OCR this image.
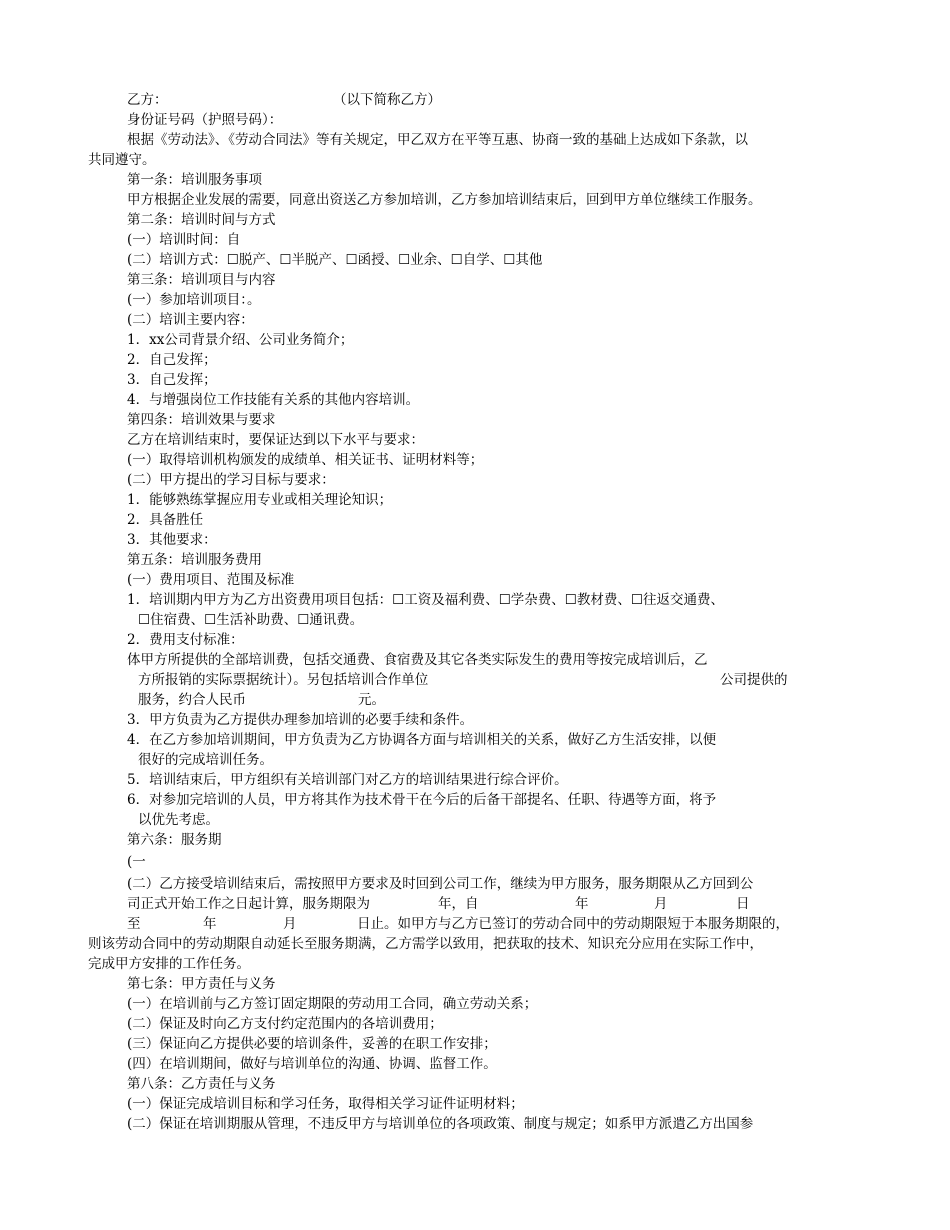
乙方：	（以下简称乙方）
身份证号码（护照号码）：
根据《劳动法》、《劳动合同法》等有关规定，甲乙双方在平等互惠、协商一致的基础上达成如下条款，以
共同遵守。
第一条：培训服务事项
甲方根据企业发展的需要，同意出资送乙方参加培训，乙方参加培训结束后，回到甲方单位继续工作服务。
第二条：培训时间与方式
(一）培训时间：自
(二）培训方式：☐脱产、☐半脱产、☐函授、☐业余、☐自学、☐其他
第三条：培训项目与内容
(一）参加培训项目：。
(二）培训主要内容：
1．xx公司背景介绍、公司业务简介；
2．自己发挥；
3．自己发挥；
4．与增强岗位工作技能有关系的其他内容培训。
第四条：培训效果与要求
乙方在培训结束时，要保证达到以下水平与要求：
(一）取得培训机构颁发的成绩单、相关证书、证明材料等；
(二）甲方提出的学习目标与要求：
1．能够熟练掌握应用专业或相关理论知识；
2．具备胜任
3．其他要求：
第五条：培训服务费用
(一）费用项目、范围及标准
1．培训期内甲方为乙方出资费用项目包括：☐工资及福利费、☐学杂费、☐教材费、☐往返交通费、
☐住宿费、☐生活补助费、☐通讯费。
2．费用支付标准：
体甲方所提供的全部培训费，包括交通费、食宿费及其它各类实际发生的费用等按完成培训后，乙
方所报销的实际票据统计）。另包括培训合作单位	公司提供的
服务，约合人民币	元。
3．甲方负责为乙方提供办理参加培训的必要手续和条件。
4．在乙方参加培训期间，甲方负责为乙方协调各方面与培训相关的关系，做好乙方生活安排，以便
很好的完成培训任务。
5．培训结束后，甲方组织有关培训部门对乙方的培训结果进行综合评价。
6．对参加完培训的人员，甲方将其作为技术骨干在今后的后备干部提名、任职、待遇等方面，将予
以优先考虑。
第六条：服务期
(一
(二）乙方接受培训结束后，需按照甲方要求及时回到公司工作，继续为甲方服务，服务期限从乙方回到公
司正式开始工作之日起计算，服务期限为	年，自	年	月	日
至	年	月	日止。如甲方与乙方已签订的劳动合同中的劳动期限短于本服务期限的，
则该劳动合同中的劳动期限自动延长至服务期满，乙方需学以致用，把获取的技术、知识充分应用在实际工作中，
完成甲方安排的工作任务。
第七条：甲方责任与义务
(一）在培训前与乙方签订固定期限的劳动用工合同，确立劳动关系；
(二）保证及时向乙方支付约定范围内的各培训费用；
(三）保证向乙方提供必要的培训条件，妥善的在职工作安排；
(四）在培训期间，做好与培训单位的沟通、协调、监督工作。
第八条：乙方责任与义务
(一）保证完成培训目标和学习任务，取得相关学习证件证明材料；
(二）保证在培训期服从管理，不违反甲方与培训单位的各项政策、制度与规定；如系甲方派遣乙方出国参
